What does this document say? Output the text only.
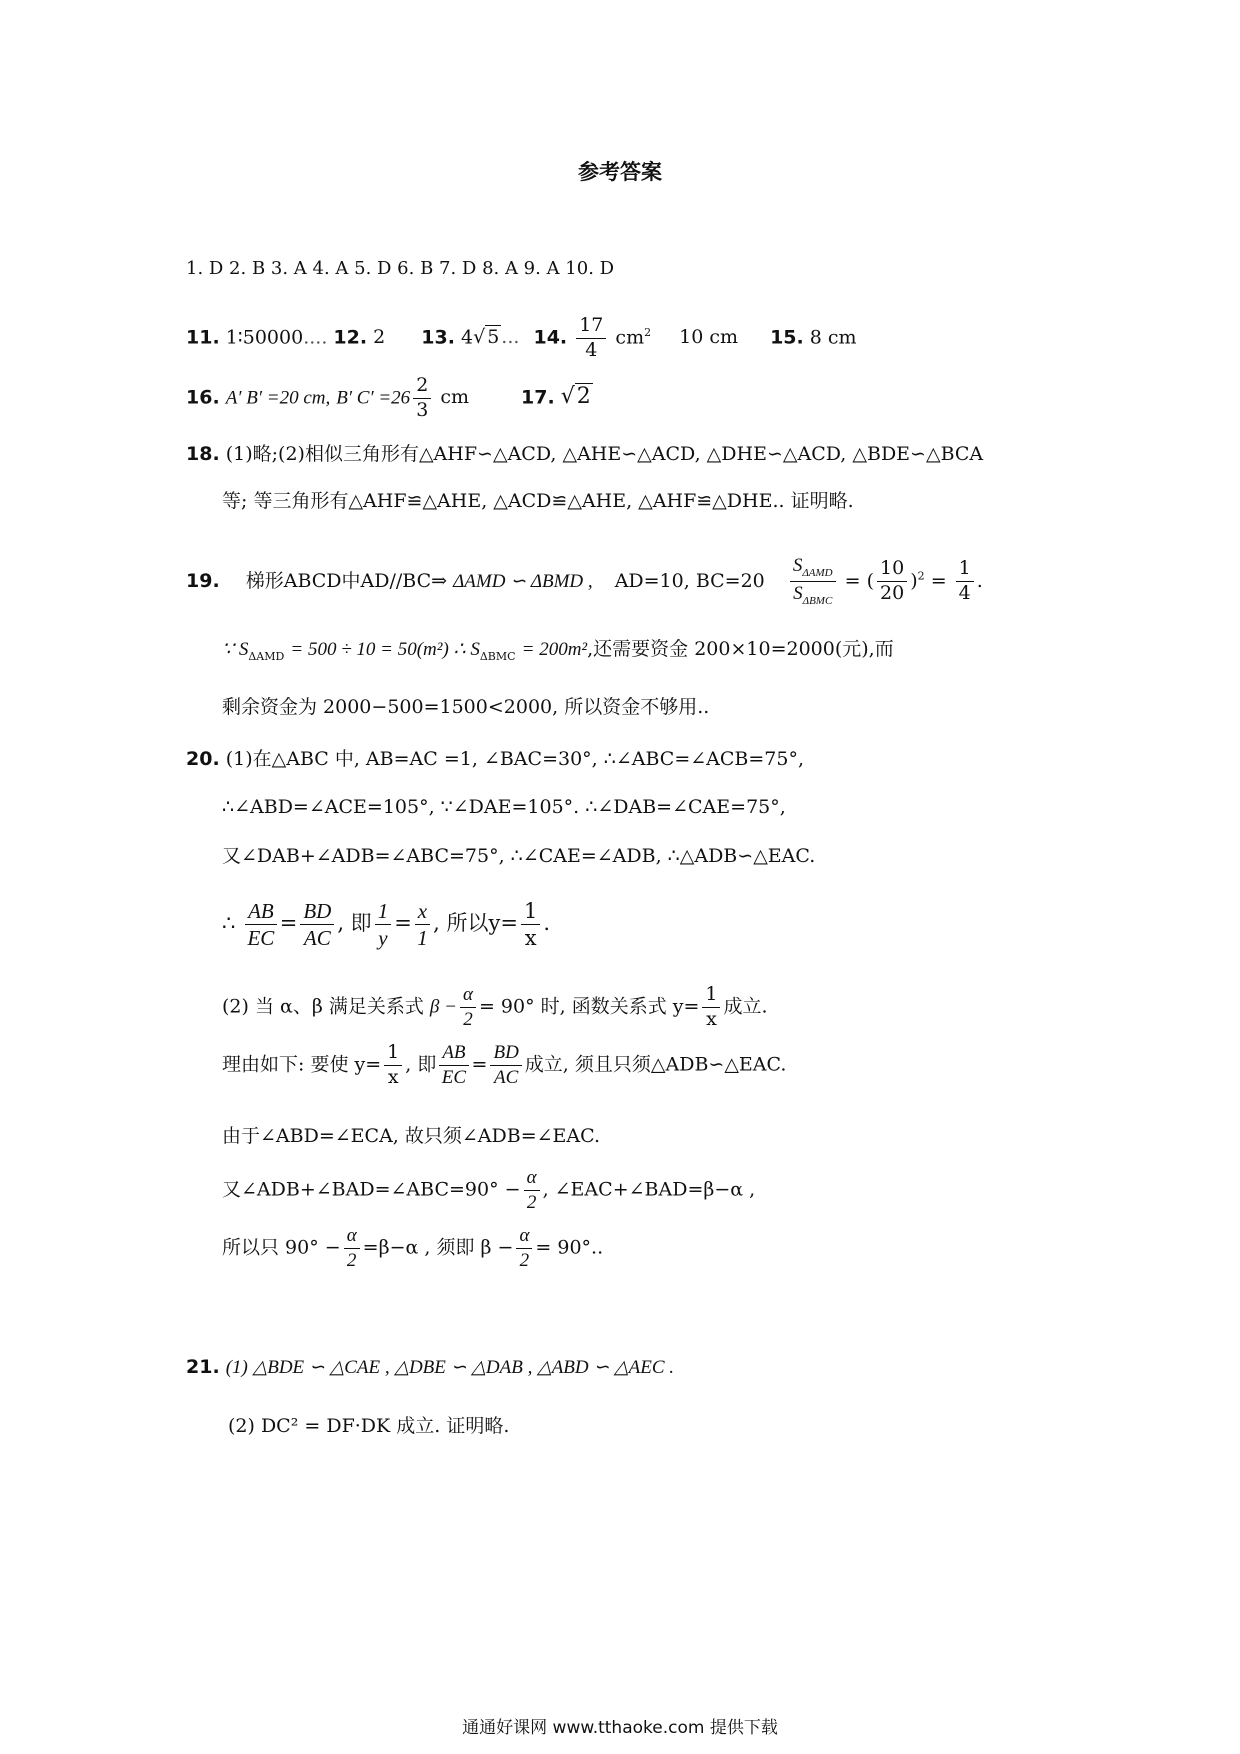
参考答案
1. D 2. B 3. A 4. A 5. D 6. B 7. D 8. A 9. A 10. D
11. 1∶50000.... 12. 2 13. 4√ 5 ... 14. $\frac{17}{4} cm^2$ 10 cm 15. 8 cm
16. A′ B′ =20 cm, B′ $C' =26 \frac{2}{3}$ cm	17. √2
18. (1)略;(2)相似三角形有△AHF∽△ACD, △AHE∽△ACD, △DHE∽△ACD, △BDE∽△BCA
等; 等三角形有△AHF≌△AHE, △ACD≌△AHE, △AHF≌△DHE.. 证明略.
19. 梯形ABCD中AD//BC⇒ ΔAMD ∽ ΔBMD , AD=10, BC=20
$S_{\Delta AMD}$
$S_{\Delta BMC}$
= ( $\frac{10}{20} )^2 = \frac{1}{4}$ .
∵ $S_{\Delta AMD} = 500 \div 10 = 50(m^2)$ ∴ $S_{\Delta BMC} = 200m^2$,还需要资金 200×10=2000(元),而
剩余资金为 2000−500=1500<2000, 所以资金不够用..
20. (1)在△ABC 中, AB=AC =1, ∠BAC=30°, ∴∠ABC=∠ACB=75°,
∴∠ABD=∠ACE=105°, ∵∠DAE=105°. ∴∠DAB=∠CAE=75°,
又∠DAB+∠ADB=∠ABC=75°, ∴∠CAE=∠ADB, ∴△ADB∽△EAC.
∴ $\frac{AB}{EC} = \frac{BD}{AC}$ , 即 $\frac{1}{y} = \frac{x}{1}$ , 所以$y= \frac{1}{x}$ .
(2) 当 α、β 满足关系式 $\beta - \frac{\alpha}{2} = 90^\circ$ 时, 函数关系式 $y= \frac{1}{x}$ 成立.
理由如下: 要使 $y= \frac{1}{x}$ , 即 $\frac{AB}{EC} = \frac{BD}{AC}$ 成立, 须且只须△ADB∽△EAC.
由于∠ABD=∠ECA, 故只须∠ADB=∠EAC.
又∠ADB+∠BAD=∠ABC=90° − $\frac{\alpha}{2}$ , ∠EAC+∠BAD=β−α ,
所以只 $90^\circ - \frac{\alpha}{2} =\beta-\alpha$ , 须即 $\beta - \frac{\alpha}{2} = 90^\circ$..
21. (1) △BDE ∽ △CAE , △DBE ∽ △DAB , △ABD ∽ △AEC .
(2) DC² = DF·DK 成立. 证明略.
通通好课网 www.tthaoke.com 提供下载
